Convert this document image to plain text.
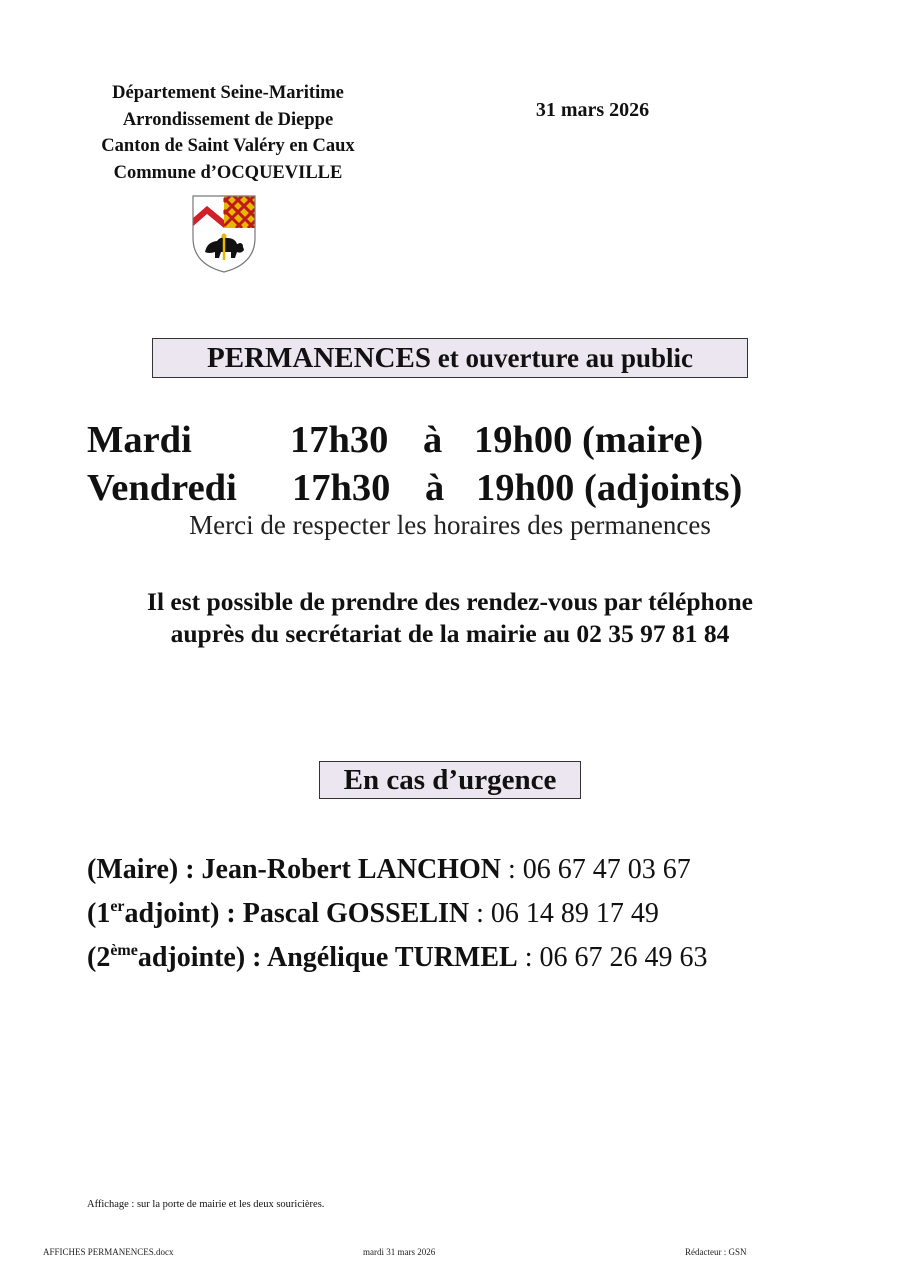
Département Seine-Maritime
Arrondissement de Dieppe
Canton de Saint Valéry en Caux
Commune d’OCQUEVILLE
31 mars 2026
PERMANENCES et ouverture au public
Mardi	17h30 à 19h00 (maire)
Vendredi 17h30 à 19h00 (adjoints)
Merci de respecter les horaires des permanences
Il est possible de prendre des rendez-vous par téléphone
auprès du secrétariat de la mairie au 02 35 97 81 84
En cas d’urgence
(Maire) : Jean-Robert LANCHON : 06 67 47 03 67
(1eradjoint) : Pascal GOSSELIN : 06 14 89 17 49
(2èmeadjointe) : Angélique TURMEL : 06 67 26 49 63
Affichage : sur la porte de mairie et les deux souricières.
AFFICHES PERMANENCES.docx	mardi 31 mars 2026	Rédacteur : GSN
